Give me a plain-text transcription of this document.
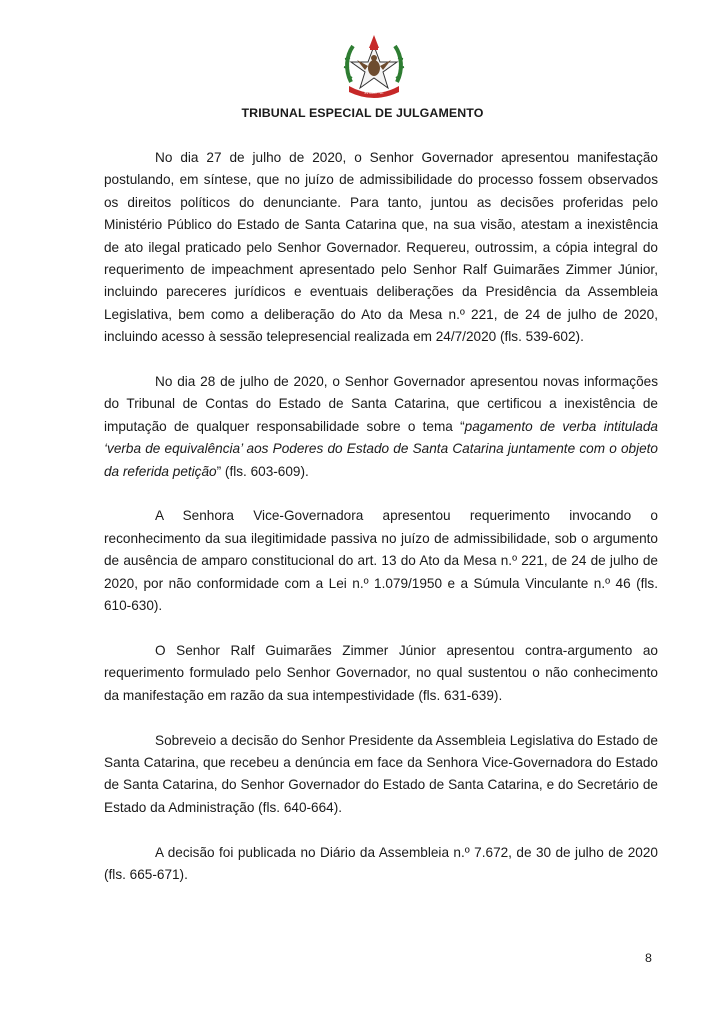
ESTADO · SC
TRIBUNAL ESPECIAL DE JULGAMENTO

No dia 27 de julho de 2020, o Senhor Governador apresentou manifestação postulando, em síntese, que no juízo de admissibilidade do processo fossem observados os direitos políticos do denunciante. Para tanto, juntou as decisões proferidas pelo Ministério Público do Estado de Santa Catarina que, na sua visão, atestam a inexistência de ato ilegal praticado pelo Senhor Governador. Requereu, outrossim, a cópia integral do requerimento de impeachment apresentado pelo Senhor Ralf Guimarães Zimmer Júnior, incluindo pareceres jurídicos e eventuais deliberações da Presidência da Assembleia Legislativa, bem como a deliberação do Ato da Mesa n.º 221, de 24 de julho de 2020, incluindo acesso à sessão telepresencial realizada em 24/7/2020 (fls. 539-602).

No dia 28 de julho de 2020, o Senhor Governador apresentou novas informações do Tribunal de Contas do Estado de Santa Catarina, que certificou a inexistência de imputação de qualquer responsabilidade sobre o tema “pagamento de verba intitulada ‘verba de equivalência’ aos Poderes do Estado de Santa Catarina juntamente com o objeto da referida petição” (fls. 603-609).

A Senhora Vice-Governadora apresentou requerimento invocando o reconhecimento da sua ilegitimidade passiva no juízo de admissibilidade, sob o argumento de ausência de amparo constitucional do art. 13 do Ato da Mesa n.º 221, de 24 de julho de 2020, por não conformidade com a Lei n.º 1.079/1950 e a Súmula Vinculante n.º 46 (fls. 610-630).

O Senhor Ralf Guimarães Zimmer Júnior apresentou contra-argumento ao requerimento formulado pelo Senhor Governador, no qual sustentou o não conhecimento da manifestação em razão da sua intempestividade (fls. 631-639).

Sobreveio a decisão do Senhor Presidente da Assembleia Legislativa do Estado de Santa Catarina, que recebeu a denúncia em face da Senhora Vice-Governadora do Estado de Santa Catarina, do Senhor Governador do Estado de Santa Catarina, e do Secretário de Estado da Administração (fls. 640-664).

A decisão foi publicada no Diário da Assembleia n.º 7.672, de 30 de julho de 2020 (fls. 665-671).

8
